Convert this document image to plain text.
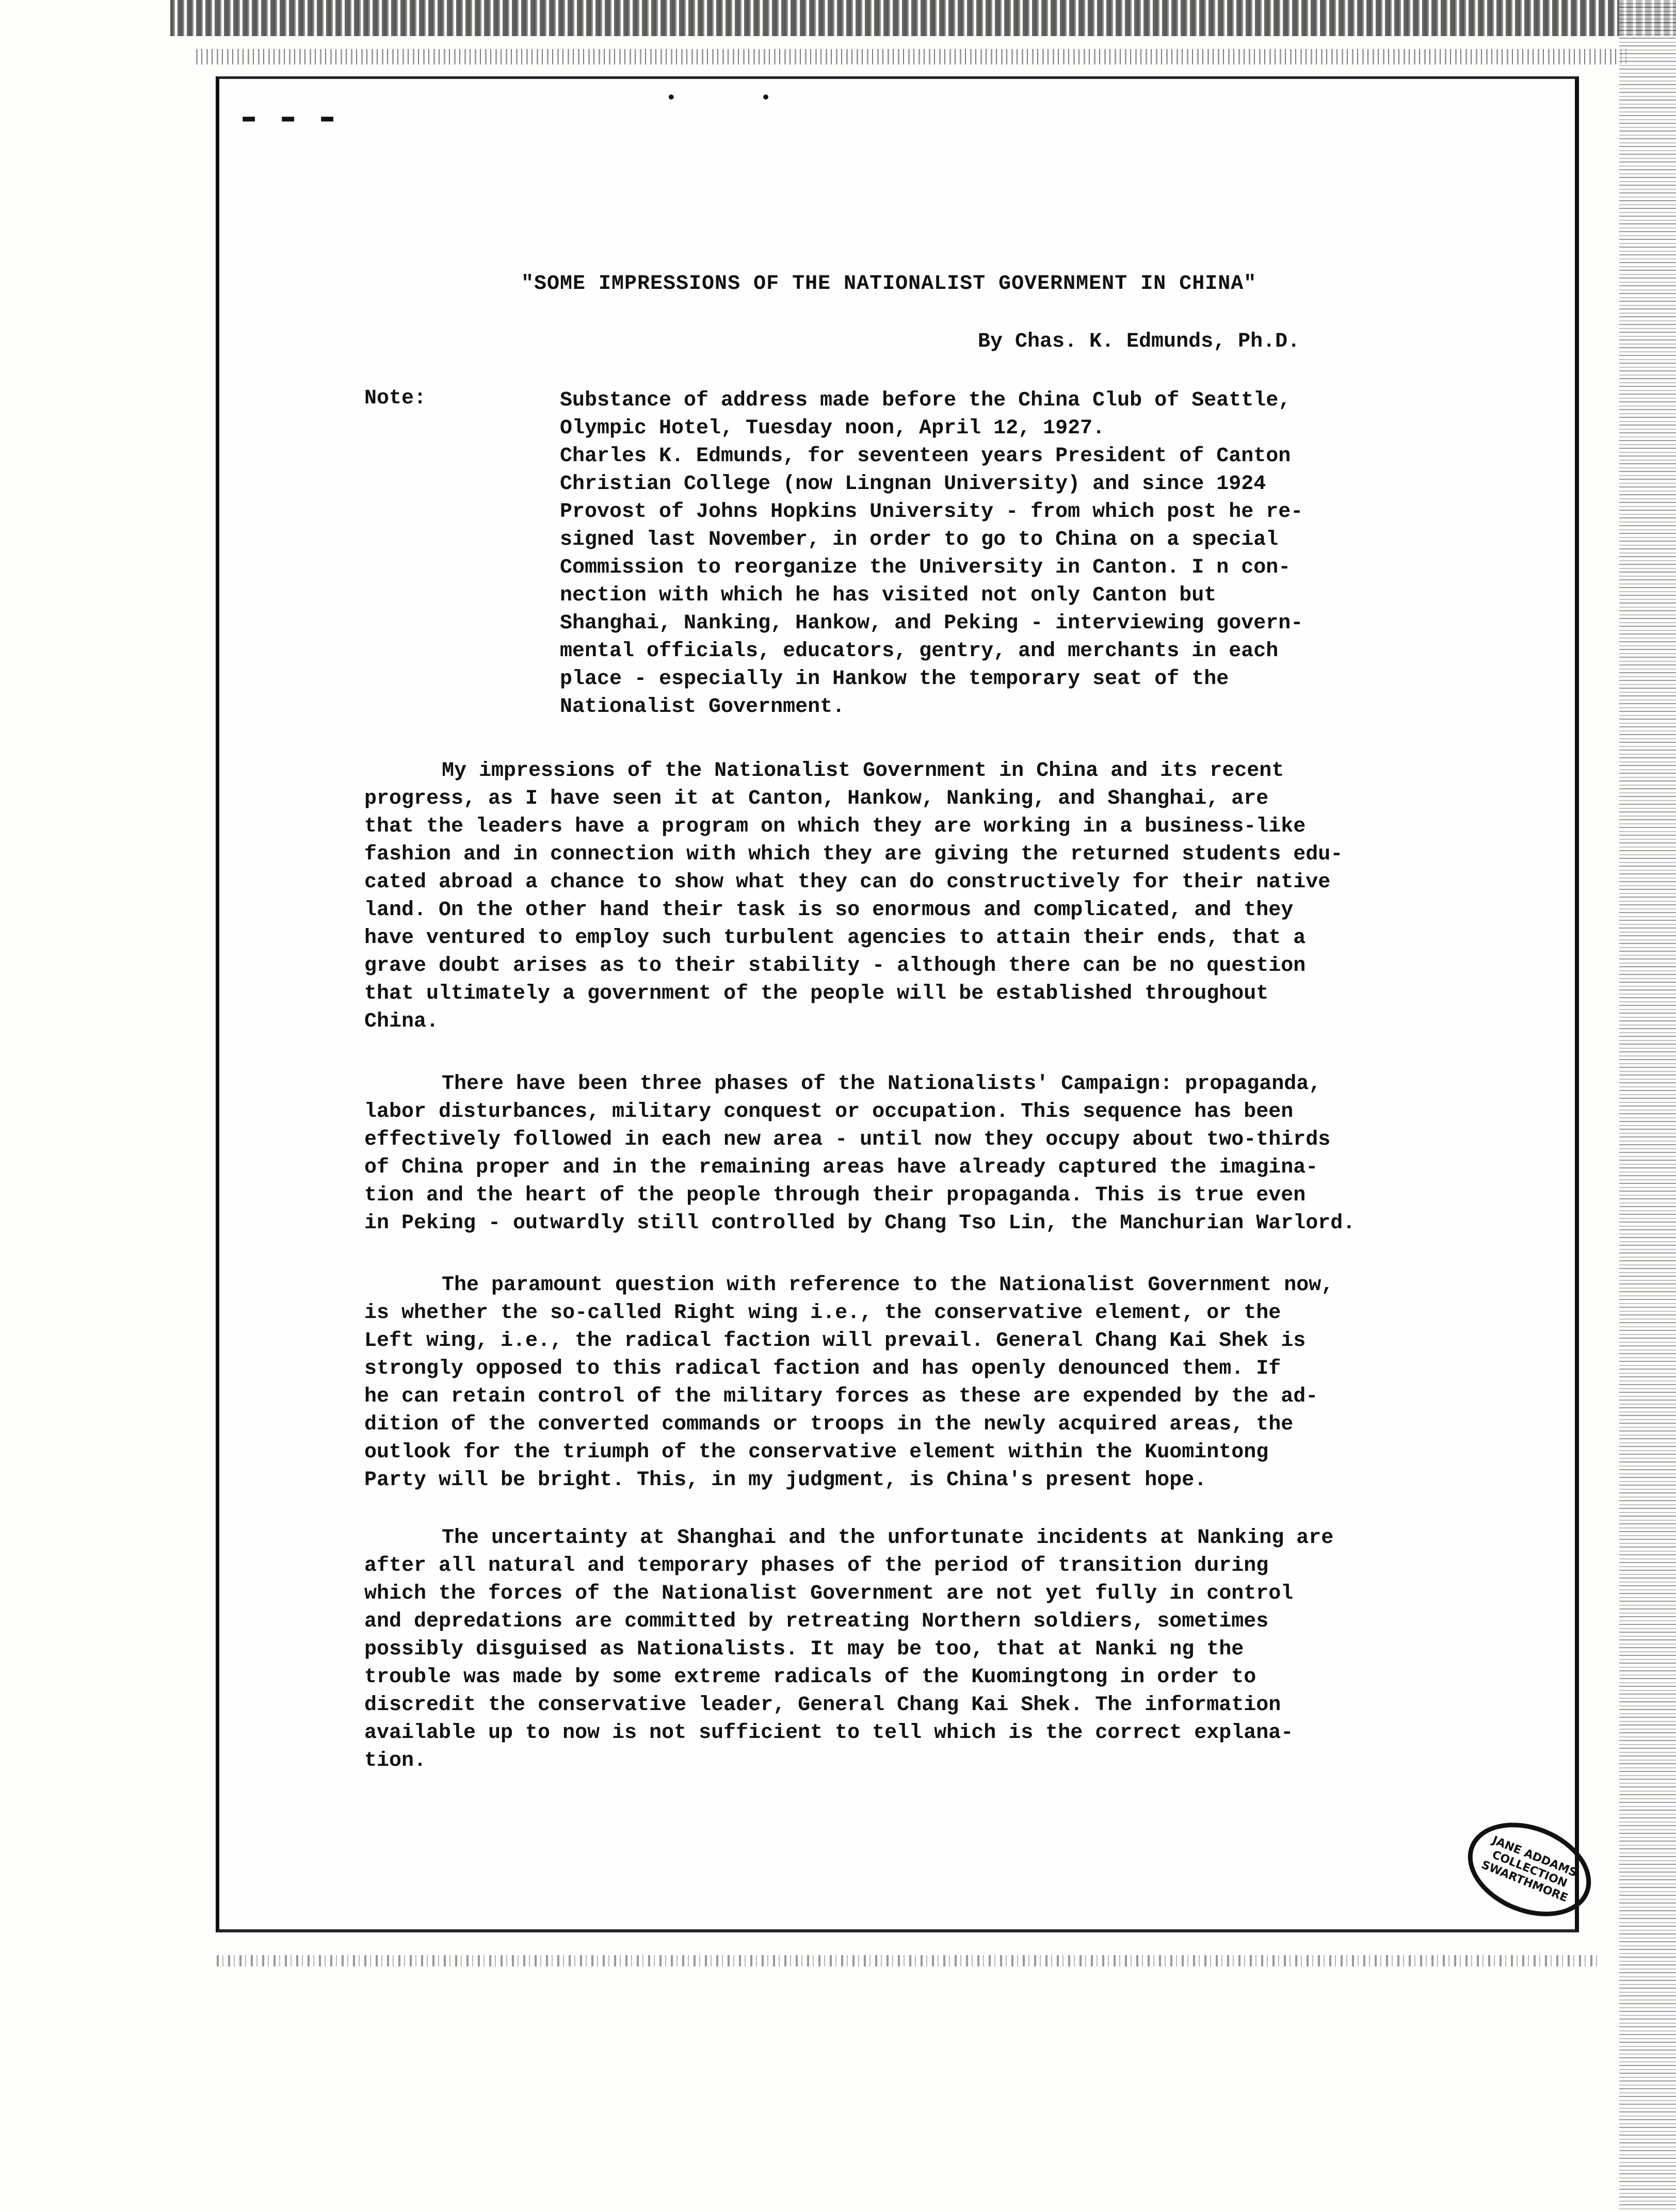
▬ ▬ ▬
• •
"SOME IMPRESSIONS OF THE NATIONALIST GOVERNMENT IN CHINA"
By Chas. K. Edmunds, Ph.D.
Note:	Substance of address made before the China Club of Seattle,
Olympic Hotel, Tuesday noon, April 12, 1927.
Charles K. Edmunds, for seventeen years President of Canton
Christian College (now Lingnan University) and since 1924
Provost of Johns Hopkins University - from which post he re-
signed last November, in order to go to China on a special
Commission to reorganize the University in Canton. I n con-
nection with which he has visited not only Canton but
Shanghai, Nanking, Hankow, and Peking - interviewing govern-
mental officials, educators, gentry, and merchants in each
place - especially in Hankow the temporary seat of the
Nationalist Government.
My impressions of the Nationalist Government in China and its recent
progress, as I have seen it at Canton, Hankow, Nanking, and Shanghai, are
that the leaders have a program on which they are working in a business-like
fashion and in connection with which they are giving the returned students edu-
cated abroad a chance to show what they can do constructively for their native
land. On the other hand their task is so enormous and complicated, and they
have ventured to employ such turbulent agencies to attain their ends, that a
grave doubt arises as to their stability - although there can be no question
that ultimately a government of the people will be established throughout
China.
There have been three phases of the Nationalists' Campaign: propaganda,
labor disturbances, military conquest or occupation. This sequence has been
effectively followed in each new area - until now they occupy about two-thirds
of China proper and in the remaining areas have already captured the imagina-
tion and the heart of the people through their propaganda. This is true even
in Peking - outwardly still controlled by Chang Tso Lin, the Manchurian Warlord.
The paramount question with reference to the Nationalist Government now,
is whether the so-called Right wing i.e., the conservative element, or the
Left wing, i.e., the radical faction will prevail. General Chang Kai Shek is
strongly opposed to this radical faction and has openly denounced them. If
he can retain control of the military forces as these are expended by the ad-
dition of the converted commands or troops in the newly acquired areas, the
outlook for the triumph of the conservative element within the Kuomintong
Party will be bright. This, in my judgment, is China's present hope.
The uncertainty at Shanghai and the unfortunate incidents at Nanking are
after all natural and temporary phases of the period of transition during
which the forces of the Nationalist Government are not yet fully in control
and depredations are committed by retreating Northern soldiers, sometimes
possibly disguised as Nationalists. It may be too, that at Nanki ng the
trouble was made by some extreme radicals of the Kuomingtong in order to
discredit the conservative leader, General Chang Kai Shek. The information
available up to now is not sufficient to tell which is the correct explana-
tion.
JANE ADDAMS COLLECTION SWARTHMORE
